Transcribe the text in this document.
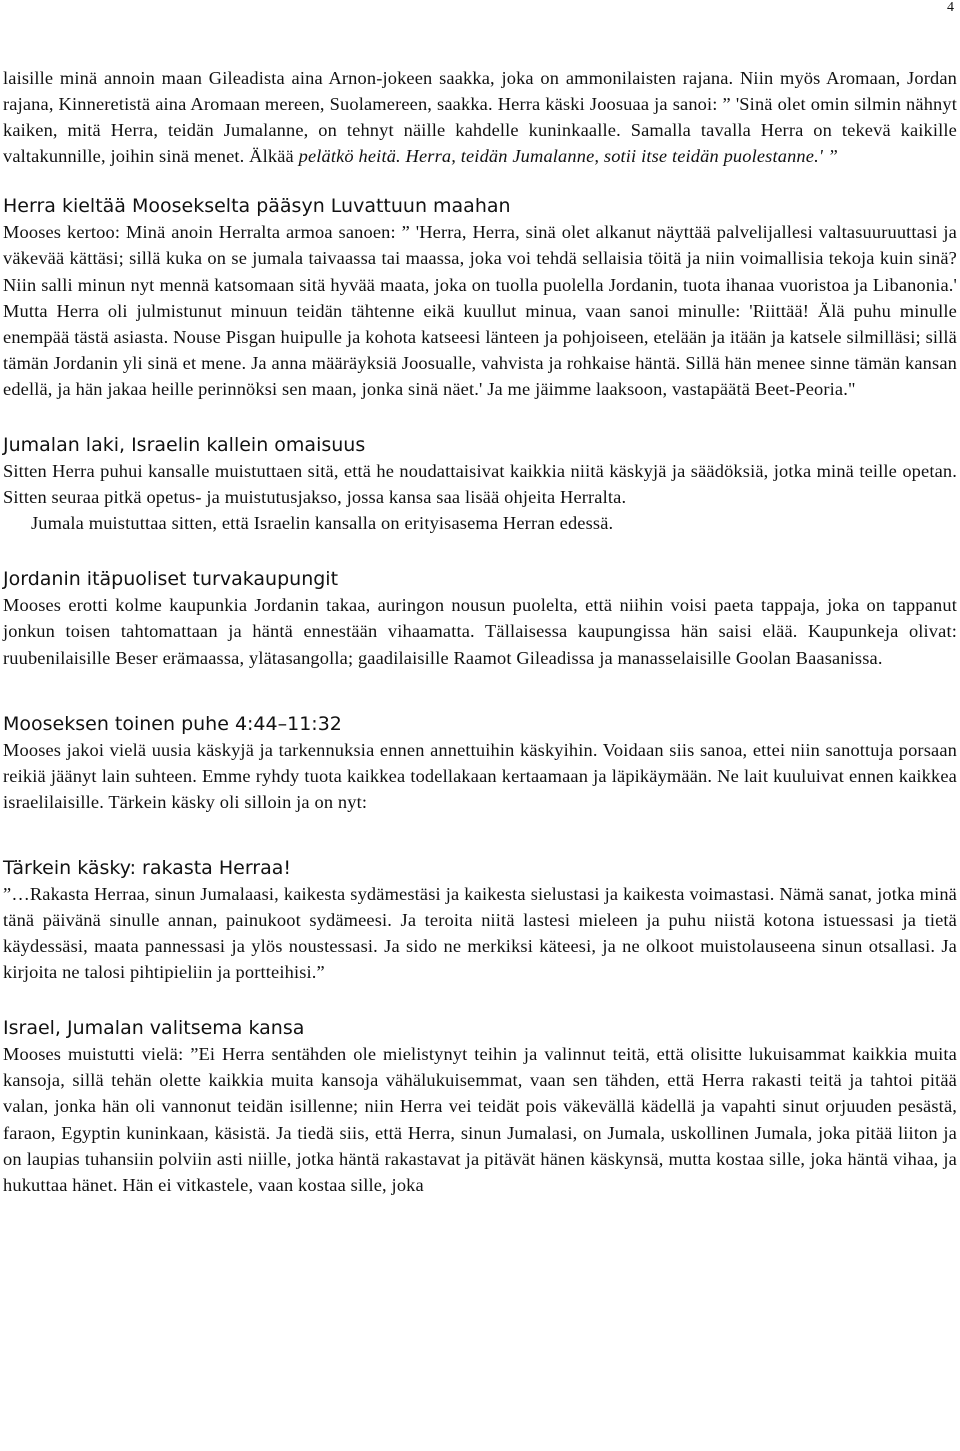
4

laisille minä annoin maan Gileadista aina Arnon-jokeen saakka, joka on ammonilaisten rajana. Niin myös Aromaan, Jordan rajana, Kinneretistä aina Aromaan mereen, Suolamereen, saakka. Herra käski Joosuaa ja sanoi: ” 'Sinä olet omin silmin nähnyt kaiken, mitä Herra, teidän Jumalanne, on tehnyt näille kahdelle kuninkaalle. Samalla tavalla Herra on tekevä kaikille valtakunnille, joihin sinä menet. Älkää pelätkö heitä. Herra, teidän Jumalanne, sotii itse teidän puolestanne.' ”

Herra kieltää Moosekselta pääsyn Luvattuun maahan

Mooses kertoo: Minä anoin Herralta armoa sanoen: ” 'Herra, Herra, sinä olet alkanut näyttää palvelijallesi valtasuuruuttasi ja väkevää kättäsi; sillä kuka on se jumala taivaassa tai maassa, joka voi tehdä sellaisia töitä ja niin voimallisia tekoja kuin sinä? Niin salli minun nyt mennä katsomaan sitä hyvää maata, joka on tuolla puolella Jordanin, tuota ihanaa vuoristoa ja Libanonia.' Mutta Herra oli julmistunut minuun teidän tähtenne eikä kuullut minua, vaan sanoi minulle: 'Riittää! Älä puhu minulle enempää tästä asiasta. Nouse Pisgan huipulle ja kohota katseesi länteen ja pohjoiseen, etelään ja itään ja katsele silmilläsi; sillä tämän Jordanin yli sinä et mene. Ja anna määräyksiä Joosualle, vahvista ja rohkaise häntä. Sillä hän menee sinne tämän kansan edellä, ja hän jakaa heille perinnöksi sen maan, jonka sinä näet.' Ja me jäimme laaksoon, vastapäätä Beet-Peoria."

Jumalan laki, Israelin kallein omaisuus

Sitten Herra puhui kansalle muistuttaen sitä, että he noudattaisivat kaikkia niitä käskyjä ja säädöksiä, jotka minä teille opetan. Sitten seuraa pitkä opetus- ja muistutusjakso, jossa kansa saa lisää ohjeita Herralta.

Jumala muistuttaa sitten, että Israelin kansalla on erityisasema Herran edessä.

Jordanin itäpuoliset turvakaupungit

Mooses erotti kolme kaupunkia Jordanin takaa, auringon nousun puolelta, että niihin voisi paeta tappaja, joka on tappanut jonkun toisen tahtomattaan ja häntä ennestään vihaamatta. Tällaisessa kaupungissa hän saisi elää. Kaupunkeja olivat: ruubenilaisille Beser erämaassa, ylätasangolla; gaadilaisille Raamot Gileadissa ja manasselaisille Goolan Baasanissa.

Mooseksen toinen puhe 4:44–11:32

Mooses jakoi vielä uusia käskyjä ja tarkennuksia ennen annettuihin käskyihin. Voidaan siis sanoa, ettei niin sanottuja porsaan reikiä jäänyt lain suhteen. Emme ryhdy tuota kaikkea todellakaan kertaamaan ja läpikäymään. Ne lait kuuluivat ennen kaikkea israelilaisille. Tärkein käsky oli silloin ja on nyt:

Tärkein käsky: rakasta Herraa!

”…Rakasta Herraa, sinun Jumalaasi, kaikesta sydämestäsi ja kaikesta sielustasi ja kaikesta voimastasi. Nämä sanat, jotka minä tänä päivänä sinulle annan, painukoot sydämeesi. Ja teroita niitä lastesi mieleen ja puhu niistä kotona istuessasi ja tietä käydessäsi, maata pannessasi ja ylös noustessasi. Ja sido ne merkiksi käteesi, ja ne olkoot muistolauseena sinun otsallasi. Ja kirjoita ne talosi pihtipieliin ja portteihisi.”

Israel, Jumalan valitsema kansa

Mooses muistutti vielä: ”Ei Herra sentähden ole mielistynyt teihin ja valinnut teitä, että olisitte lukuisammat kaikkia muita kansoja, sillä tehän olette kaikkia muita kansoja vähälukuisemmat, vaan sen tähden, että Herra rakasti teitä ja tahtoi pitää valan, jonka hän oli vannonut teidän isillenne; niin Herra vei teidät pois väkevällä kädellä ja vapahti sinut orjuuden pesästä, faraon, Egyptin kuninkaan, käsistä. Ja tiedä siis, että Herra, sinun Jumalasi, on Jumala, uskollinen Jumala, joka pitää liiton ja on laupias tuhansiin polviin asti niille, jotka häntä rakastavat ja pitävät hänen käskynsä, mutta kostaa sille, joka häntä vihaa, ja hukuttaa hänet. Hän ei vitkastele, vaan kostaa sille, joka
